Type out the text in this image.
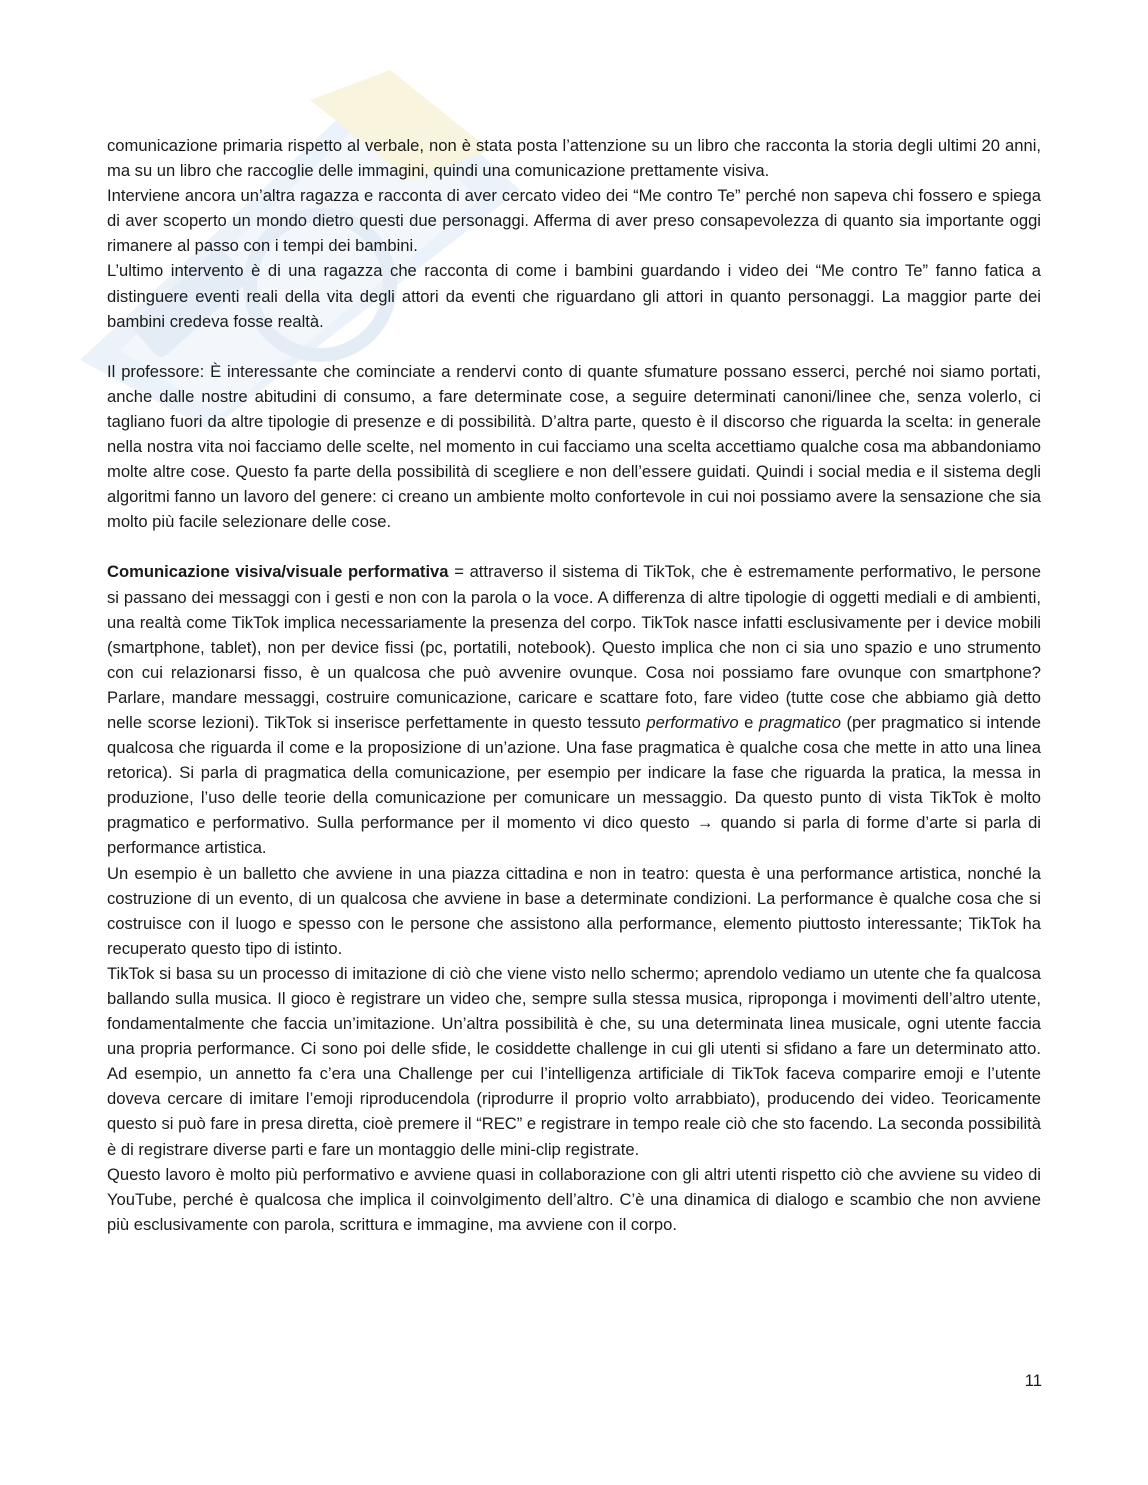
comunicazione primaria rispetto al verbale, non è stata posta l’attenzione su un libro che racconta la storia degli ultimi 20 anni, ma su un libro che raccoglie delle immagini, quindi una comunicazione prettamente visiva.

Interviene ancora un’altra ragazza e racconta di aver cercato video dei “Me contro Te” perché non sapeva chi fossero e spiega di aver scoperto un mondo dietro questi due personaggi. Afferma di aver preso consapevolezza di quanto sia importante oggi rimanere al passo con i tempi dei bambini.

L’ultimo intervento è di una ragazza che racconta di come i bambini guardando i video dei “Me contro Te” fanno fatica a distinguere eventi reali della vita degli attori da eventi che riguardano gli attori in quanto personaggi. La maggior parte dei bambini credeva fosse realtà.

Il professore: È interessante che cominciate a rendervi conto di quante sfumature possano esserci, perché noi siamo portati, anche dalle nostre abitudini di consumo, a fare determinate cose, a seguire determinati canoni/linee che, senza volerlo, ci tagliano fuori da altre tipologie di presenze e di possibilità. D’altra parte, questo è il discorso che riguarda la scelta: in generale nella nostra vita noi facciamo delle scelte, nel momento in cui facciamo una scelta accettiamo qualche cosa ma abbandoniamo molte altre cose. Questo fa parte della possibilità di scegliere e non dell’essere guidati. Quindi i social media e il sistema degli algoritmi fanno un lavoro del genere: ci creano un ambiente molto confortevole in cui noi possiamo avere la sensazione che sia molto più facile selezionare delle cose.

Comunicazione visiva/visuale performativa = attraverso il sistema di TikTok, che è estremamente performativo, le persone si passano dei messaggi con i gesti e non con la parola o la voce. A differenza di altre tipologie di oggetti mediali e di ambienti, una realtà come TikTok implica necessariamente la presenza del corpo. TikTok nasce infatti esclusivamente per i device mobili (smartphone, tablet), non per device fissi (pc, portatili, notebook). Questo implica che non ci sia uno spazio e uno strumento con cui relazionarsi fisso, è un qualcosa che può avvenire ovunque. Cosa noi possiamo fare ovunque con smartphone? Parlare, mandare messaggi, costruire comunicazione, caricare e scattare foto, fare video (tutte cose che abbiamo già detto nelle scorse lezioni). TikTok si inserisce perfettamente in questo tessuto performativo e pragmatico (per pragmatico si intende qualcosa che riguarda il come e la proposizione di un’azione. Una fase pragmatica è qualche cosa che mette in atto una linea retorica). Si parla di pragmatica della comunicazione, per esempio per indicare la fase che riguarda la pratica, la messa in produzione, l’uso delle teorie della comunicazione per comunicare un messaggio. Da questo punto di vista TikTok è molto pragmatico e performativo. Sulla performance per il momento vi dico questo → quando si parla di forme d’arte si parla di performance artistica.

Un esempio è un balletto che avviene in una piazza cittadina e non in teatro: questa è una performance artistica, nonché la costruzione di un evento, di un qualcosa che avviene in base a determinate condizioni. La performance è qualche cosa che si costruisce con il luogo e spesso con le persone che assistono alla performance, elemento piuttosto interessante; TikTok ha recuperato questo tipo di istinto.

TikTok si basa su un processo di imitazione di ciò che viene visto nello schermo; aprendolo vediamo un utente che fa qualcosa ballando sulla musica. Il gioco è registrare un video che, sempre sulla stessa musica, riproponga i movimenti dell’altro utente, fondamentalmente che faccia un’imitazione. Un’altra possibilità è che, su una determinata linea musicale, ogni utente faccia una propria performance. Ci sono poi delle sfide, le cosiddette challenge in cui gli utenti si sfidano a fare un determinato atto. Ad esempio, un annetto fa c’era una Challenge per cui l’intelligenza artificiale di TikTok faceva comparire emoji e l’utente doveva cercare di imitare l’emoji riproducendola (riprodurre il proprio volto arrabbiato), producendo dei video. Teoricamente questo si può fare in presa diretta, cioè premere il “REC” e registrare in tempo reale ciò che sto facendo. La seconda possibilità è di registrare diverse parti e fare un montaggio delle mini-clip registrate.

Questo lavoro è molto più performativo e avviene quasi in collaborazione con gli altri utenti rispetto ciò che avviene su video di YouTube, perché è qualcosa che implica il coinvolgimento dell’altro. C’è una dinamica di dialogo e scambio che non avviene più esclusivamente con parola, scrittura e immagine, ma avviene con il corpo.

11
